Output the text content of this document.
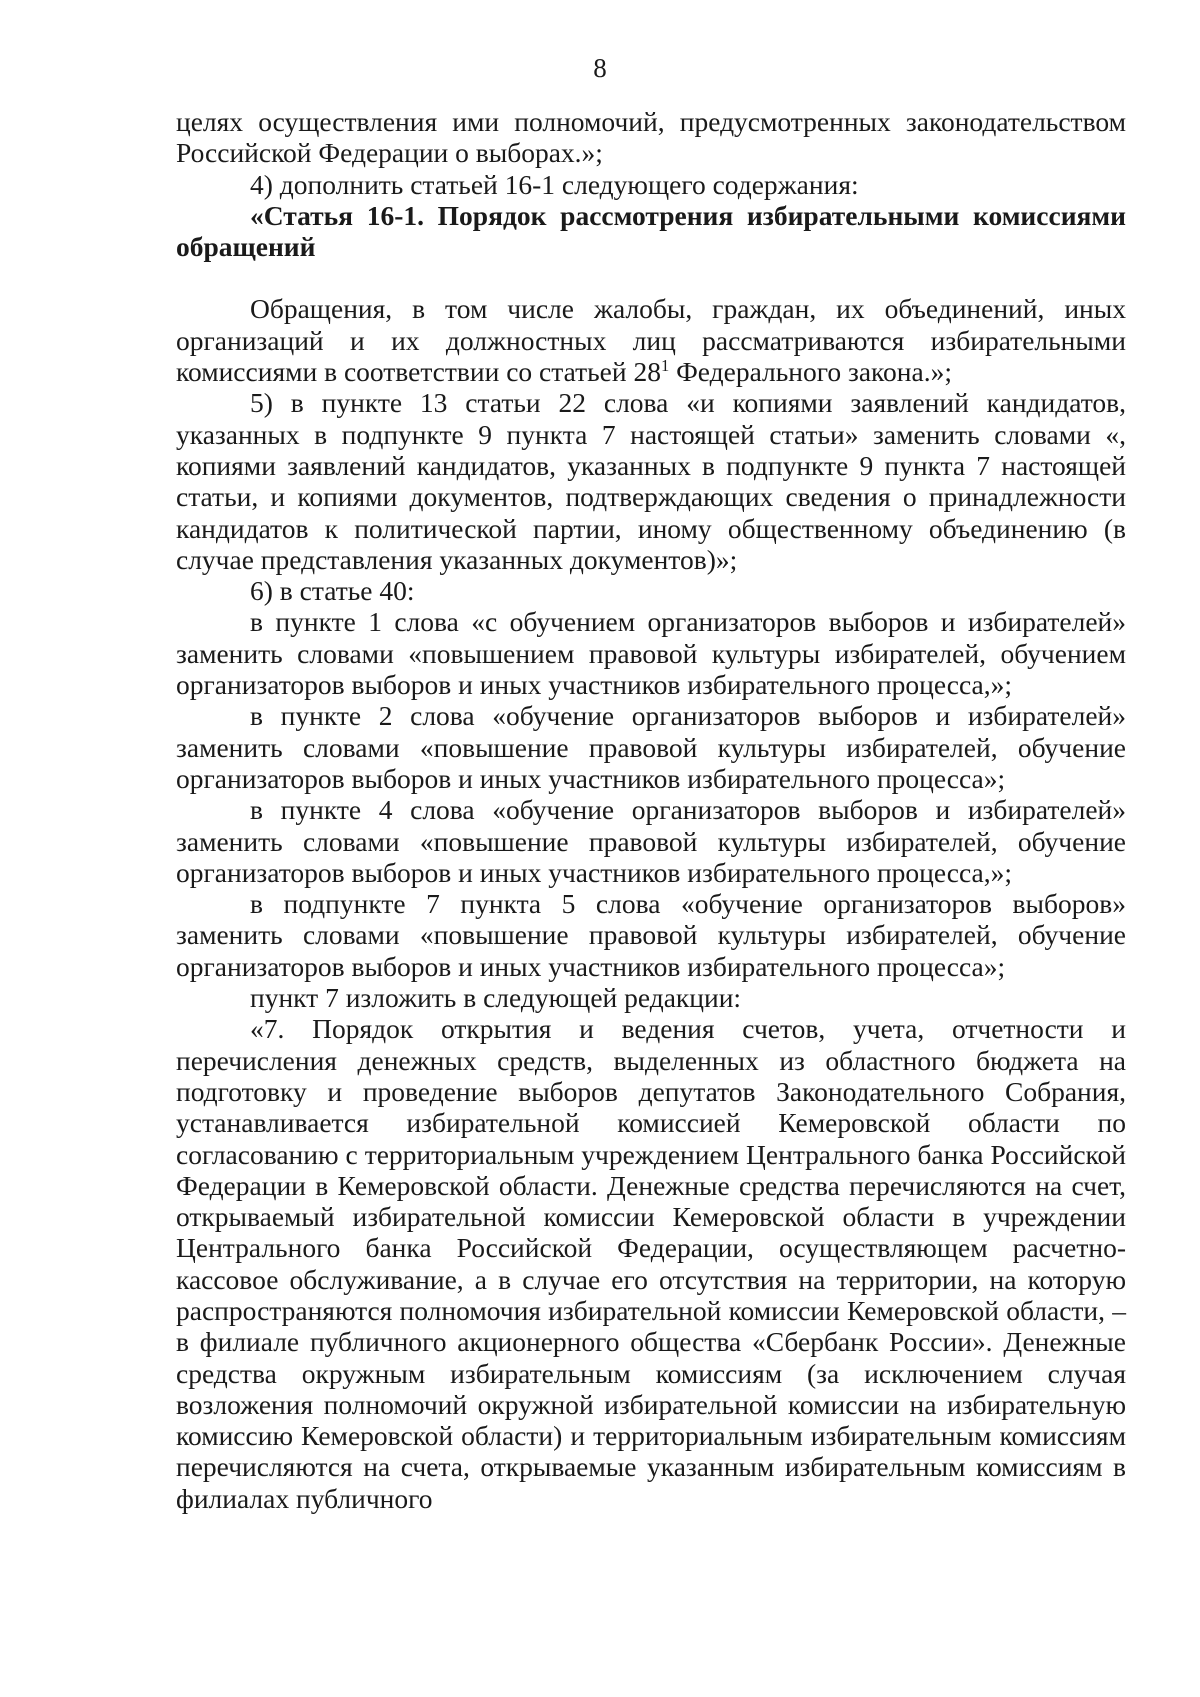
8

целях осуществления ими полномочий, предусмотренных законодательством Российской Федерации о выборах.»;

4) дополнить статьей 16-1 следующего содержания:

«Статья 16-1. Порядок рассмотрения избирательными комиссиями обращений

Обращения, в том числе жалобы, граждан, их объединений, иных организаций и их должностных лиц рассматриваются избирательными комиссиями в соответствии со статьей $28^1$ Федерального закона.»;

5) в пункте 13 статьи 22 слова «и копиями заявлений кандидатов, указанных в подпункте 9 пункта 7 настоящей статьи» заменить словами «, копиями заявлений кандидатов, указанных в подпункте 9 пункта 7 настоящей статьи, и копиями документов, подтверждающих сведения о принадлежности кандидатов к политической партии, иному общественному объединению (в случае представления указанных документов)»;

6) в статье 40:

в пункте 1 слова «с обучением организаторов выборов и избирателей» заменить словами «повышением правовой культуры избирателей, обучением организаторов выборов и иных участников избирательного процесса,»;

в пункте 2 слова «обучение организаторов выборов и избирателей» заменить словами «повышение правовой культуры избирателей, обучение организаторов выборов и иных участников избирательного процесса»;

в пункте 4 слова «обучение организаторов выборов и избирателей» заменить словами «повышение правовой культуры избирателей, обучение организаторов выборов и иных участников избирательного процесса,»;

в подпункте 7 пункта 5 слова «обучение организаторов выборов» заменить словами «повышение правовой культуры избирателей, обучение организаторов выборов и иных участников избирательного процесса»;

пункт 7 изложить в следующей редакции:

«7. Порядок открытия и ведения счетов, учета, отчетности и перечисления денежных средств, выделенных из областного бюджета на подготовку и проведение выборов депутатов Законодательного Собрания, устанавливается избирательной комиссией Кемеровской области по согласованию с территориальным учреждением Центрального банка Российской Федерации в Кемеровской области. Денежные средства перечисляются на счет, открываемый избирательной комиссии Кемеровской области в учреждении Центрального банка Российской Федерации, осуществляющем расчетно-кассовое обслуживание, а в случае его отсутствия на территории, на которую распространяются полномочия избирательной комиссии Кемеровской области, – в филиале публичного акционерного общества «Сбербанк России». Денежные средства окружным избирательным комиссиям (за исключением случая возложения полномочий окружной избирательной комиссии на избирательную комиссию Кемеровской области) и территориальным избирательным комиссиям перечисляются на счета, открываемые указанным избирательным комиссиям в филиалах публичного
